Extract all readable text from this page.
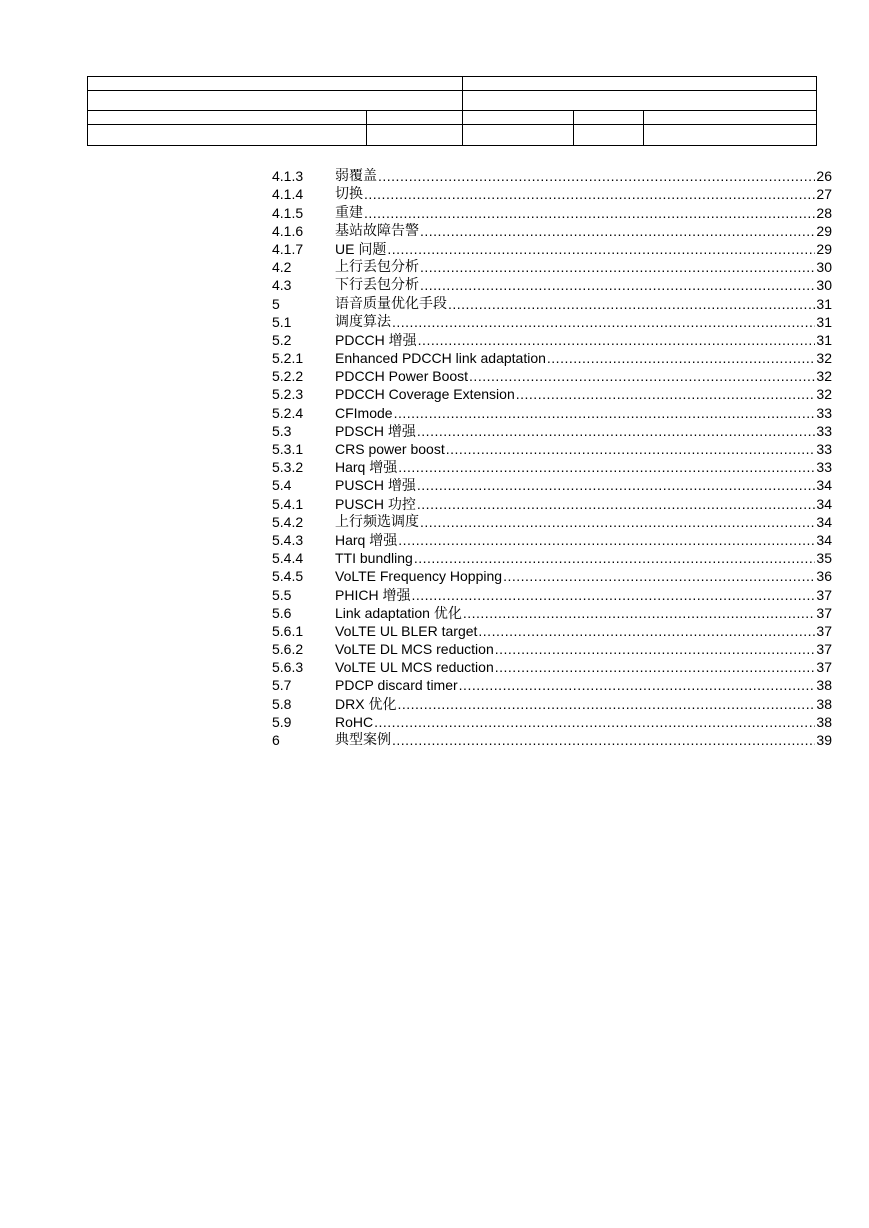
4.1.3	弱覆盖 .....	26
4.1.4	切换 .....	27
4.1.5	重建 .....	28
4.1.6	基站故障告警 .....	29
4.1.7	UE 问题 .....	29
4.2	上行丢包分析 .....	30
4.3	下行丢包分析 .....	30
5	语音质量优化手段 .....	31
5.1	调度算法 .....	31
5.2	PDCCH 增强 .....	31
5.2.1	Enhanced PDCCH link adaptation .....	32
5.2.2	PDCCH Power Boost .....	32
5.2.3	PDCCH Coverage Extension .....	32
5.2.4	CFImode .....	33
5.3	PDSCH 增强 .....	33
5.3.1	CRS power boost .....	33
5.3.2	Harq 增强 .....	33
5.4	PUSCH 增强 .....	34
5.4.1	PUSCH 功控 .....	34
5.4.2	上行频选调度 .....	34
5.4.3	Harq 增强 .....	34
5.4.4	TTI bundling .....	35
5.4.5	VoLTE Frequency Hopping .....	36
5.5	PHICH 增强 .....	37
5.6	Link adaptation 优化 .....	37
5.6.1	VoLTE UL BLER target .....	37
5.6.2	VoLTE DL MCS reduction .....	37
5.6.3	VoLTE UL MCS reduction .....	37
5.7	PDCP discard timer .....	38
5.8	DRX 优化 .....	38
5.9	RoHC .....	38
6	典型案例 .....	39
